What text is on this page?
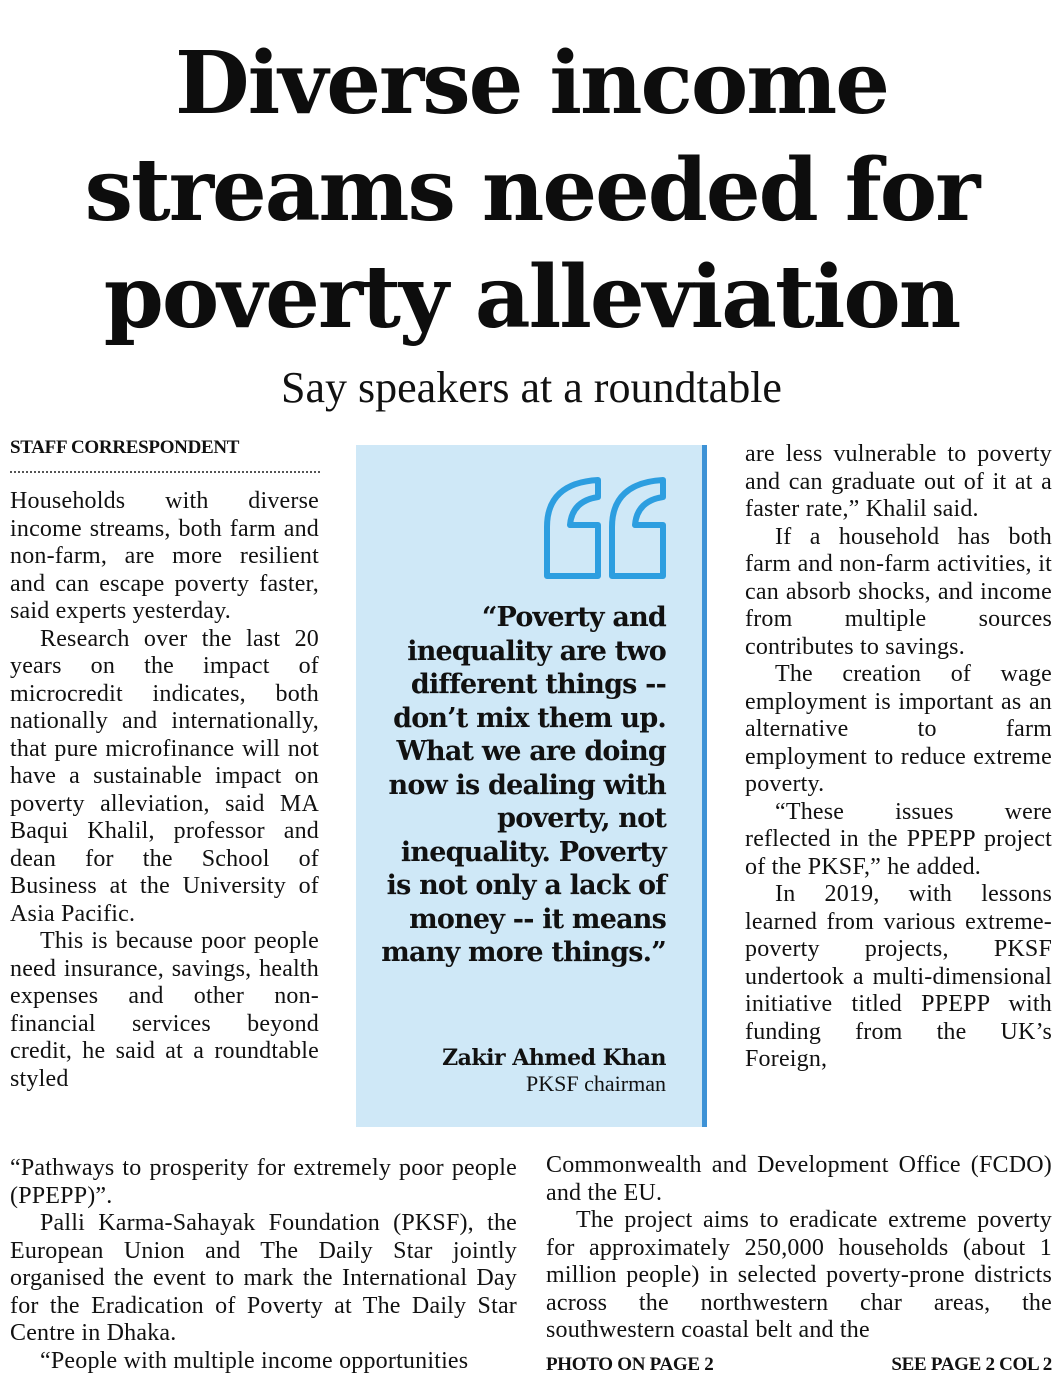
Diverse income
streams needed for
poverty alleviation
Say speakers at a roundtable
STAFF CORRESPONDENT

Households with diverse income streams, both farm and non-farm, are more resilient and can escape poverty faster, said experts yesterday.

Research over the last 20 years on the impact of microcredit indicates, both nationally and internationally, that pure microfinance will not have a sustainable impact on poverty alleviation, said MA Baqui Khalil, professor and dean for the School of Business at the University of Asia Pacific.

This is because poor people need insurance, savings, health expenses and other non-financial services beyond credit, he said at a roundtable styled

“Poverty and inequality are two different things -- don’t mix them up. What we are doing now is dealing with poverty, not inequality. Poverty is not only a lack of money -- it means many more things.”

Zakir Ahmed Khan
PKSF chairman

are less vulnerable to poverty and can graduate out of it at a faster rate,” Khalil said.

If a household has both farm and non-farm activities, it can absorb shocks, and income from multiple sources contributes to savings.

The creation of wage employment is important as an alternative to farm employment to reduce extreme poverty.

“These issues were reflected in the PPEPP project of the PKSF,” he added.

In 2019, with lessons learned from various extreme-poverty projects, PKSF undertook a multi-dimensional initiative titled PPEPP with funding from the UK’s Foreign,

“Pathways to prosperity for extremely poor people (PPEPP)”.

Palli Karma-Sahayak Foundation (PKSF), the European Union and The Daily Star jointly organised the event to mark the International Day for the Eradication of Poverty at The Daily Star Centre in Dhaka.

“People with multiple income opportunities

Commonwealth and Development Office (FCDO) and the EU.

The project aims to eradicate extreme poverty for approximately 250,000 households (about 1 million people) in selected poverty-prone districts across the northwestern char areas, the southwestern coastal belt and the

PHOTO ON PAGE 2	SEE PAGE 2 COL 2
